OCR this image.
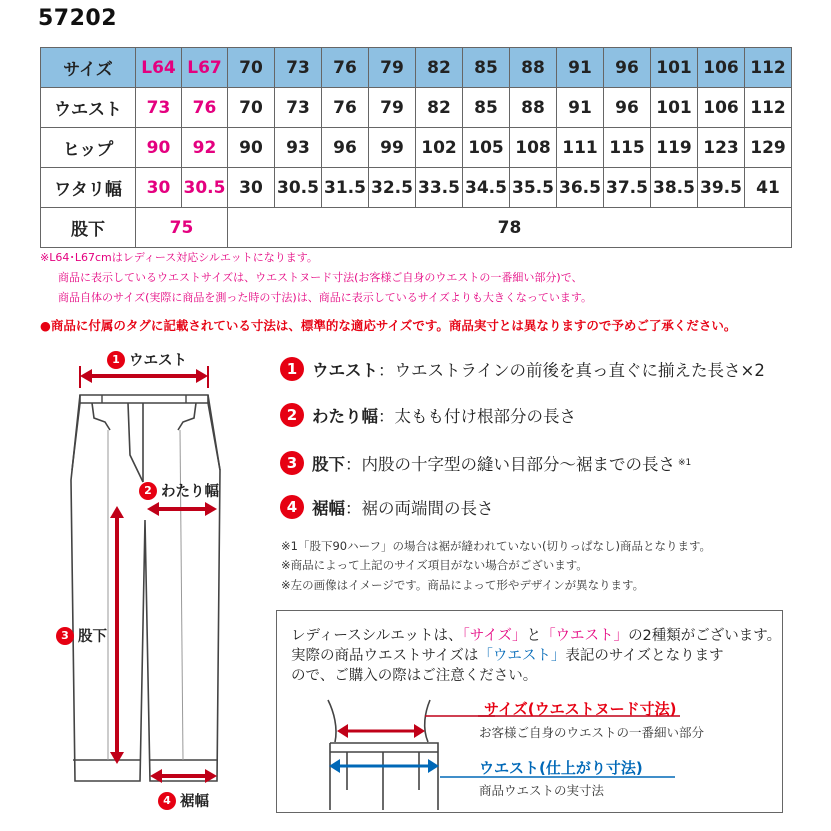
57202
サイズ	L64	L67	70	73	76	79	82	85	88	91	96	101	106	112
ウエスト	73	76	70	73	76	79	82	85	88	91	96	101	106	112
ヒップ	90	92	90	93	96	99	102	105	108	111	115	119	123	129
ワタリ幅	30	30.5	30	30.5	31.5	32.5	33.5	34.5	35.5	36.5	37.5	38.5	39.5	41
股下	75		78											
※L64･L67cmはレディース対応シルエットになります。
商品に表示しているウエストサイズは、ウエストヌード寸法(お客様ご自身のウエストの一番細い部分)で、
商品自体のサイズ(実際に商品を測った時の寸法)は、商品に表示しているサイズよりも大きくなっています。
●商品に付属のタグに記載されている寸法は、標準的な適応サイズです。商品実寸とは異なりますので予めご了承ください。
1 ウエスト
2 わたり幅
3 股下
4 裾幅
1 ウエスト ： ウエストラインの前後を真っ直ぐに揃えた長さ×2
2 わたり幅 ： 太もも付け根部分の長さ
3 股下 ： 内股の十字型の縫い目部分～裾までの長さ ※1
4 裾幅 ： 裾の両端間の長さ
※1「股下90ハーフ」の場合は裾が縫われていない(切りっぱなし)商品となります。
※商品によって上記のサイズ項目がない場合がございます。
※左の画像はイメージです。商品によって形やデザインが異なります。
レディースシルエットは、「サイズ」と「ウエスト」の2種類がございます。
実際の商品ウエストサイズは「ウエスト」表記のサイズとなります
ので、ご購入の際はご注意ください。
サイズ(ウエストヌード寸法)
お客様ご自身のウエストの一番細い部分
ウエスト(仕上がり寸法)
商品ウエストの実寸法
